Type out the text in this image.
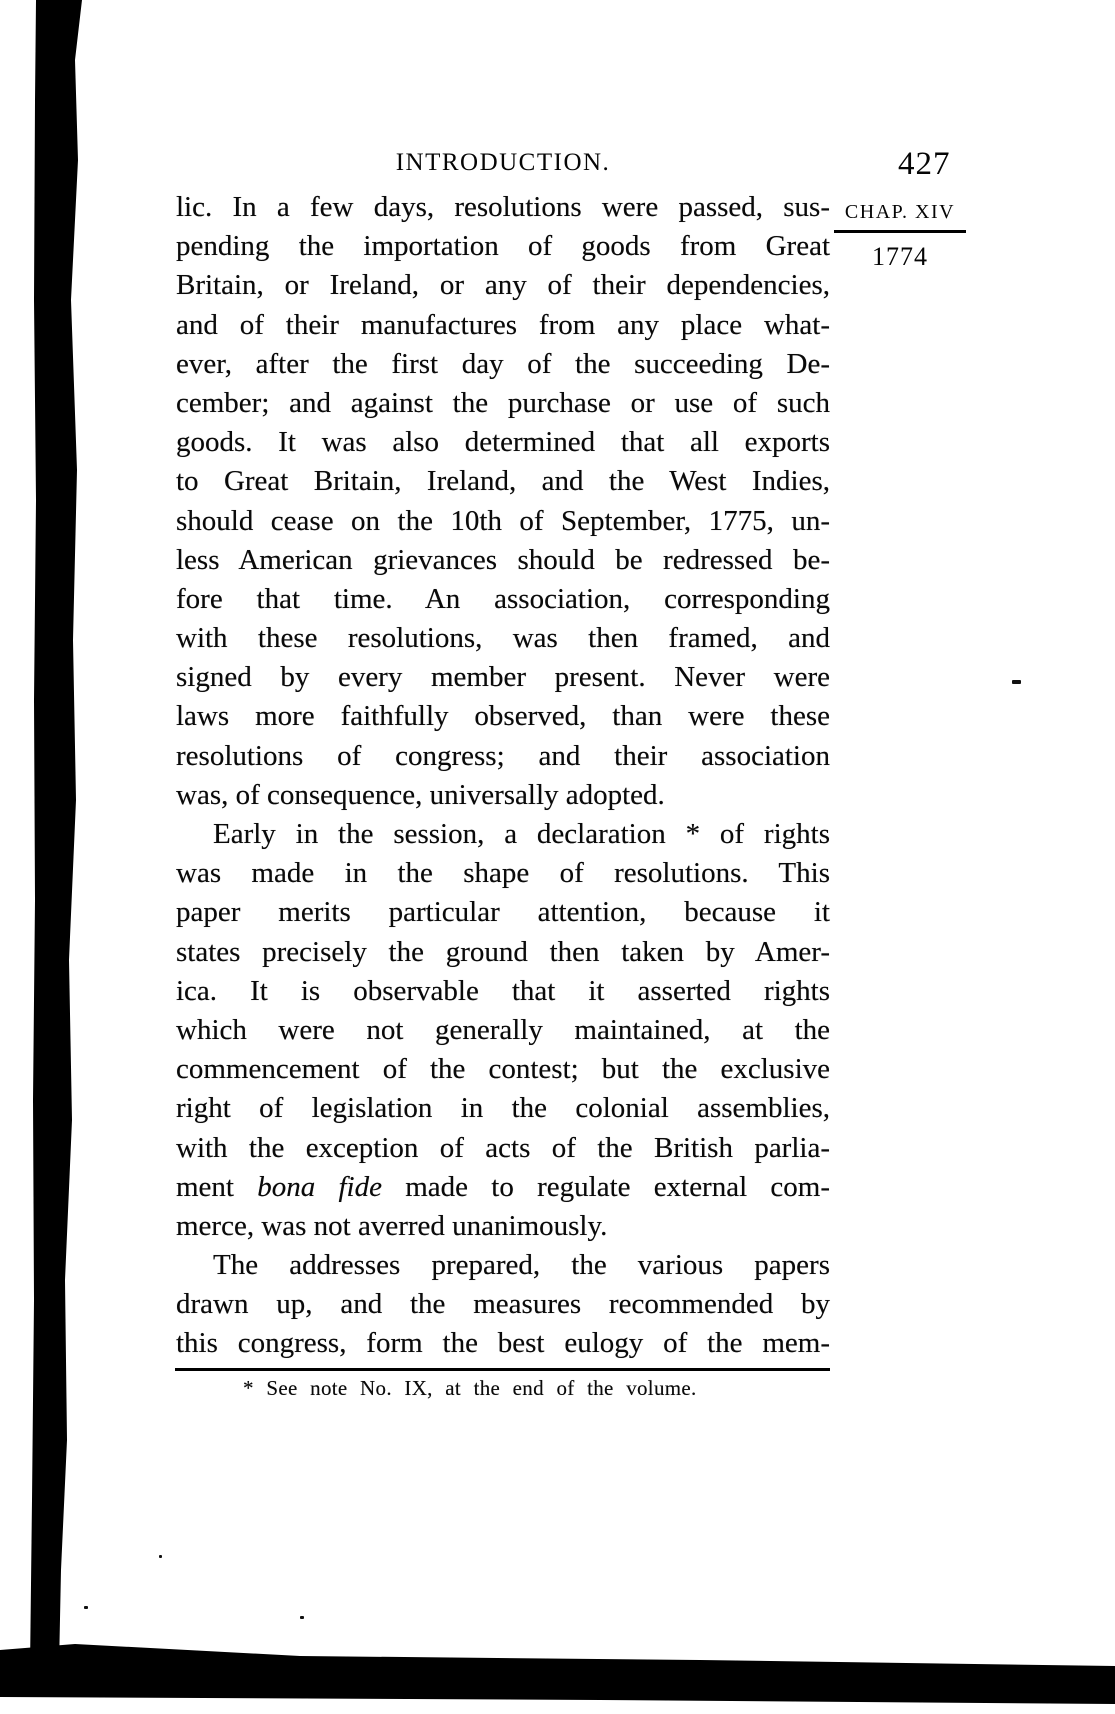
INTRODUCTION.	427
CHAP. XIV
1774
lic. In a few days, resolutions were passed, sus-
pending the importation of goods from Great
Britain, or Ireland, or any of their dependencies,
and of their manufactures from any place what-
ever, after the first day of the succeeding De-
cember; and against the purchase or use of such
goods. It was also determined that all exports
to Great Britain, Ireland, and the West Indies,
should cease on the 10th of September, 1775, un-
less American grievances should be redressed be-
fore that time. An association, corresponding
with these resolutions, was then framed, and
signed by every member present. Never were
laws more faithfully observed, than were these
resolutions of congress; and their association
was, of consequence, universally adopted.
Early in the session, a declaration * of rights
was made in the shape of resolutions. This
paper merits particular attention, because it
states precisely the ground then taken by Amer-
ica. It is observable that it asserted rights
which were not generally maintained, at the
commencement of the contest; but the exclusive
right of legislation in the colonial assemblies,
with the exception of acts of the British parlia-
ment bona fide made to regulate external com-
merce, was not averred unanimously.
The addresses prepared, the various papers
drawn up, and the measures recommended by
this congress, form the best eulogy of the mem-
* See note No. IX, at the end of the volume.
